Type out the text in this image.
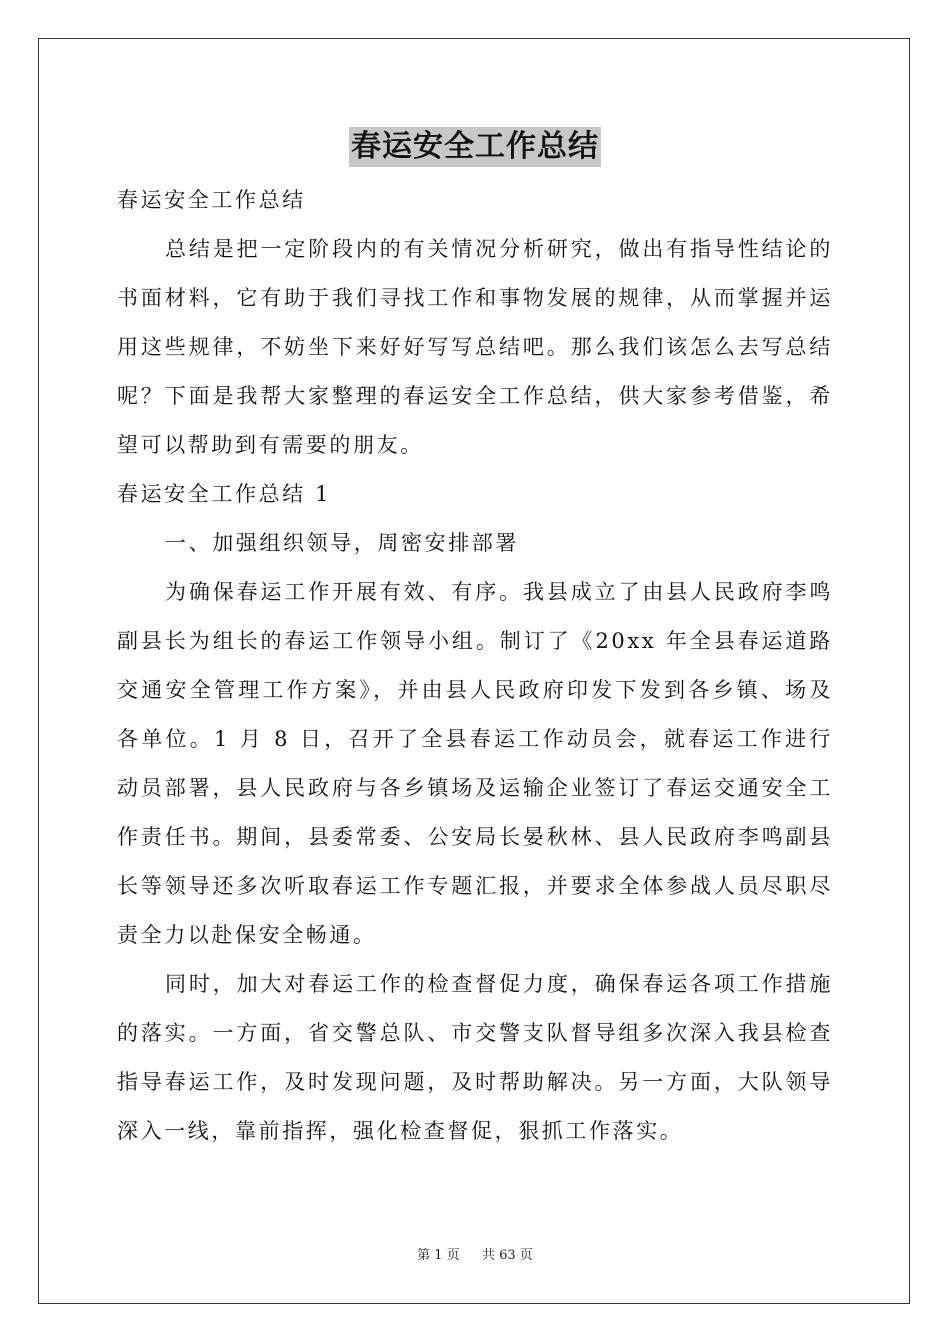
春运安全工作总结

春运安全工作总结

总结是把一定阶段内的有关情况分析研究，做出有指导性结论的书面材料，它有助于我们寻找工作和事物发展的规律，从而掌握并运用这些规律，不妨坐下来好好写写总结吧。那么我们该怎么去写总结呢？下面是我帮大家整理的春运安全工作总结，供大家参考借鉴，希望可以帮助到有需要的朋友。

春运安全工作总结 1

一、加强组织领导，周密安排部署

为确保春运工作开展有效、有序。我县成立了由县人民政府李鸣副县长为组长的春运工作领导小组。制订了《20xx 年全县春运道路交通安全管理工作方案》，并由县人民政府印发下发到各乡镇、场及各单位。1 月 8 日，召开了全县春运工作动员会，就春运工作进行动员部署，县人民政府与各乡镇场及运输企业签订了春运交通安全工作责任书。期间，县委常委、公安局长晏秋林、县人民政府李鸣副县长等领导还多次听取春运工作专题汇报，并要求全体参战人员尽职尽责全力以赴保安全畅通。

同时，加大对春运工作的检查督促力度，确保春运各项工作措施的落实。一方面，省交警总队、市交警支队督导组多次深入我县检查指导春运工作，及时发现问题，及时帮助解决。另一方面，大队领导深入一线，靠前指挥，强化检查督促，狠抓工作落实。

第 1 页 共 63 页
